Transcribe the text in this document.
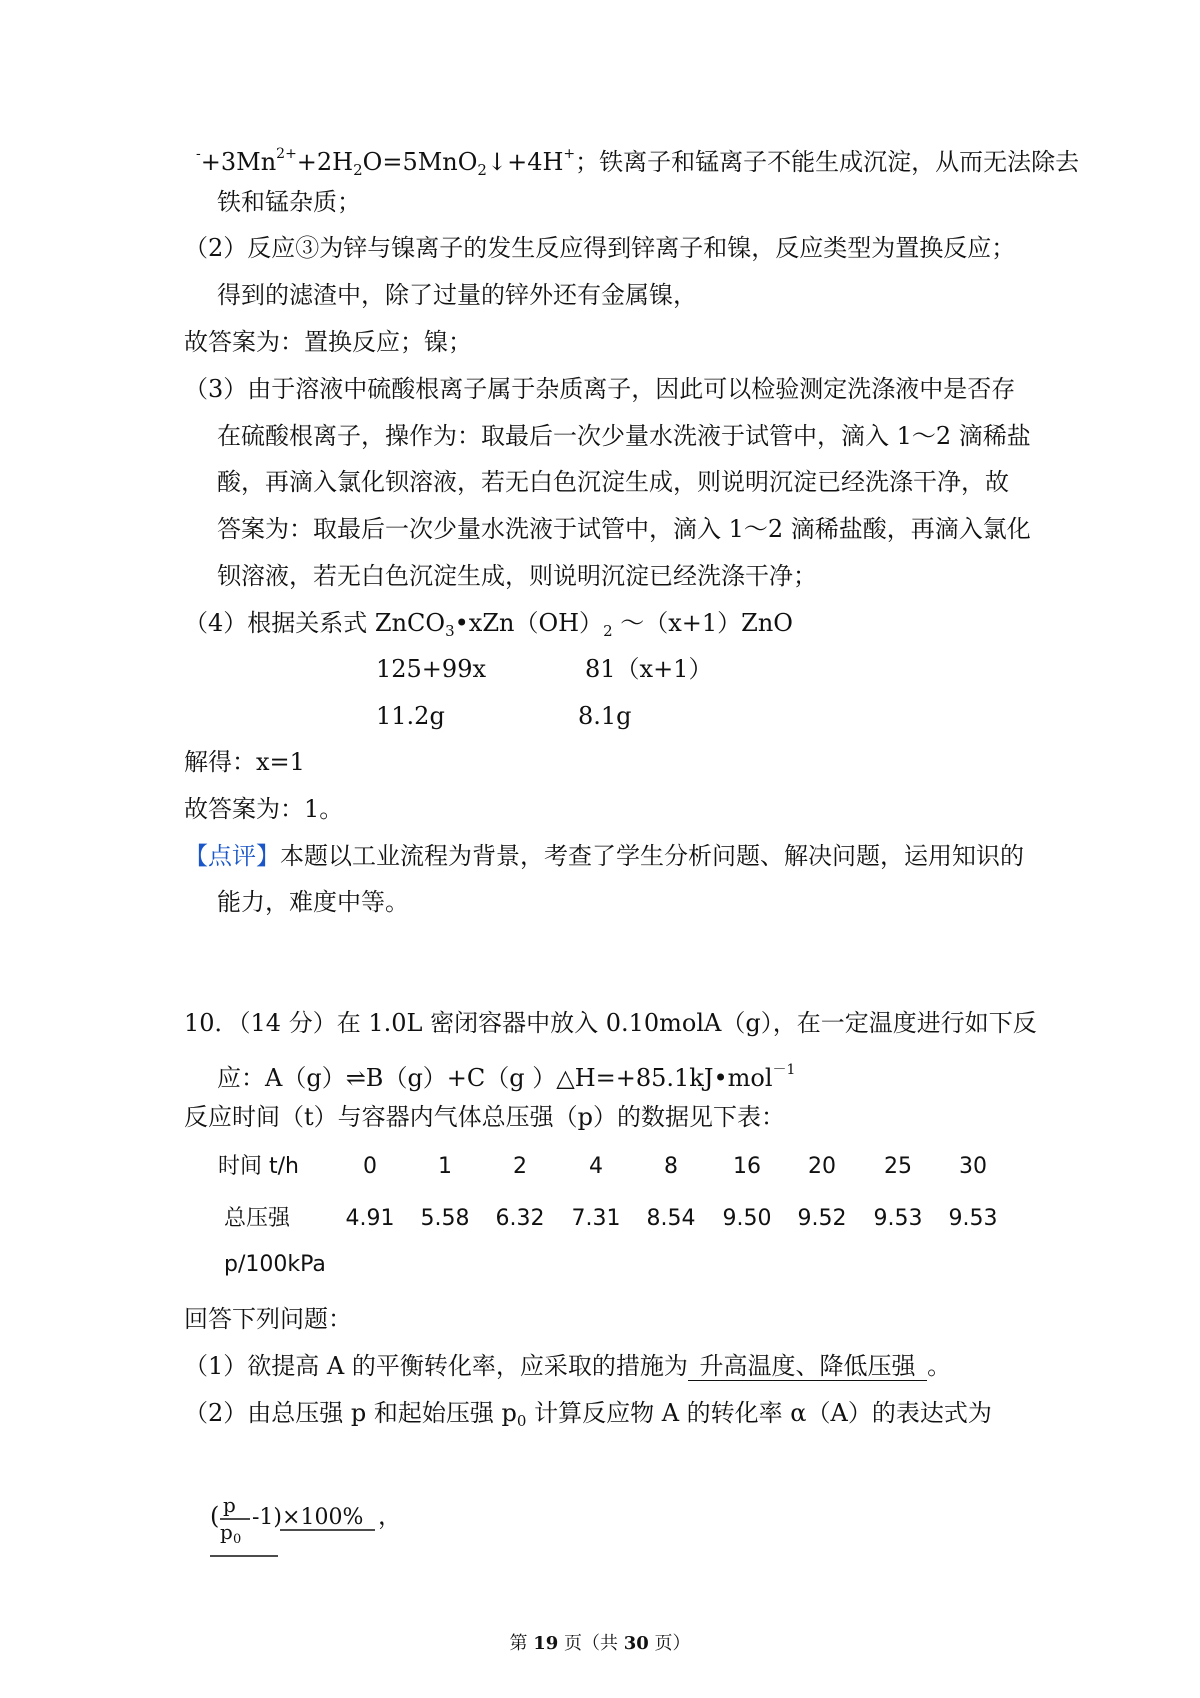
$^-+3Mn^{2+}+2H_2O=5MnO_2↓+4H^+$；铁离子和锰离子不能生成沉淀，从而无法除去
铁和锰杂质；
（2）反应③为锌与镍离子的发生反应得到锌离子和镍，反应类型为置换反应；
得到的滤渣中，除了过量的锌外还有金属镍，
故答案为：置换反应；镍；
（3）由于溶液中硫酸根离子属于杂质离子，因此可以检验测定洗涤液中是否存
在硫酸根离子，操作为：取最后一次少量水洗液于试管中，滴入 1～2 滴稀盐
酸，再滴入氯化钡溶液，若无白色沉淀生成，则说明沉淀已经洗涤干净，故
答案为：取最后一次少量水洗液于试管中，滴入 1～2 滴稀盐酸，再滴入氯化
钡溶液，若无白色沉淀生成，则说明沉淀已经洗涤干净；
（4）根据关系式 $ZnCO_3•xZn(OH)_2$ ～（x+1）ZnO
125+99x	81（x+1）
11.2g	8.1g
解得：x=1
故答案为：1。
【点评】本题以工业流程为背景，考查了学生分析问题、解决问题，运用知识的
能力，难度中等。
10．（14 分）在 1.0L 密闭容器中放入 0.10molA（g），在一定温度进行如下反
应：A（g）⇌B（g）+C（g ）△H=+85.1kJ•mol$^{-1}$
反应时间（t）与容器内气体总压强（p）的数据见下表：
时间 t/h	0	1	2	4	8	16	20	25	30
总压强
p/100kPa
4.91	5.58	6.32	7.31	8.54	9.50	9.52	9.53	9.53
回答下列问题：
（1）欲提高 A 的平衡转化率，应采取的措施为 升高温度、降低压强 。
（2）由总压强 p 和起始压强 $p_0$ 计算反应物 A 的转化率 α（A）的表达式为
( p
p 0
-1)×100% ，
第 19 页（共 30 页）
